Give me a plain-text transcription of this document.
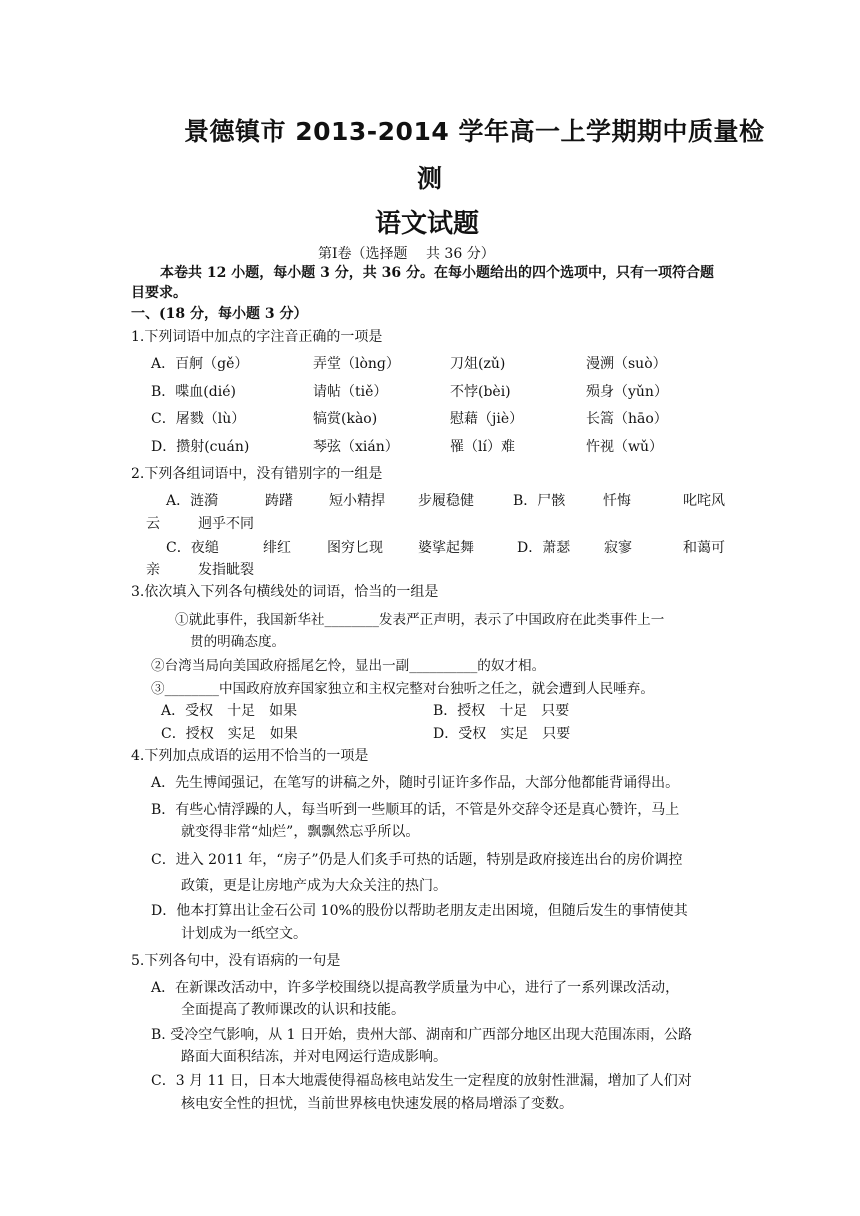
景德镇市 2013-2014 学年高一上学期期中质量检
测
语文试题
第Ⅰ卷（选择题　 共 36 分）
本卷共 12 小题，每小题 3 分，共 36 分。在每小题给出的四个选项中，只有一项符合题
目要求。
一、(18 分，每小题 3 分）
1.下列词语中加点的字注音正确的一项是
A．百舸（gě）	弄堂（lònɡ）	刀俎(zǔ)	漫溯（suò）
B．喋血(dié)	请帖（tiě）	不悖(bèi)	殒身（yǔn）
C．屠戮（lù）	犒赏(kào)	慰藉（jiè）	长篙（hāo）
D．攒射(cuán)	琴弦（xián）	罹（lí）难	忤视（wǔ）
2.下列各组词语中，没有错别字的一组是
A．涟漪	踌躇	短小精捍 步履稳健	B．尸骸	忏悔	叱咤风
云	迥乎不同
C．夜缒	绯红	图穷匕现	婆挲起舞	D．萧瑟 寂寥	和蔼可
亲	发指眦裂
3.依次填入下列各句横线处的词语，恰当的一组是
①就此事件，我国新华社________发表严正声明，表示了中国政府在此类事件上一
贯的明确态度。
②台湾当局向美国政府摇尾乞怜，显出一副__________的奴才相。
③________中国政府放弃国家独立和主权完整对台独听之任之，就会遭到人民唾弃。
A．受权　十足　如果	B．授权　十足　只要
C．授权　实足　如果	D．受权　实足　只要
4.下列加点成语的运用不恰当的一项是
A．先生博闻强记，在笔写的讲稿之外，随时引证许多作品，大部分他都能背诵得出。
B．有些心情浮躁的人，每当听到一些顺耳的话，不管是外交辞令还是真心赞许，马上
就变得非常“灿烂”，飘飘然忘乎所以。
C．进入 2011 年，“房子”仍是人们炙手可热的话题，特别是政府接连出台的房价调控
政策，更是让房地产成为大众关注的热门。
D．他本打算出让金石公司 10%的股份以帮助老朋友走出困境，但随后发生的事情使其
计划成为一纸空文。
5.下列各句中，没有语病的一句是
A．在新课改活动中，许多学校围绕以提高教学质量为中心，进行了一系列课改活动，
全面提高了教师课改的认识和技能。
B. 受冷空气影响，从 1 日开始，贵州大部、湖南和广西部分地区出现大范围冻雨，公路
路面大面积结冻，并对电网运行造成影响。
C．3 月 11 日，日本大地震使得福岛核电站发生一定程度的放射性泄漏，增加了人们对
核电安全性的担忧，当前世界核电快速发展的格局增添了变数。
